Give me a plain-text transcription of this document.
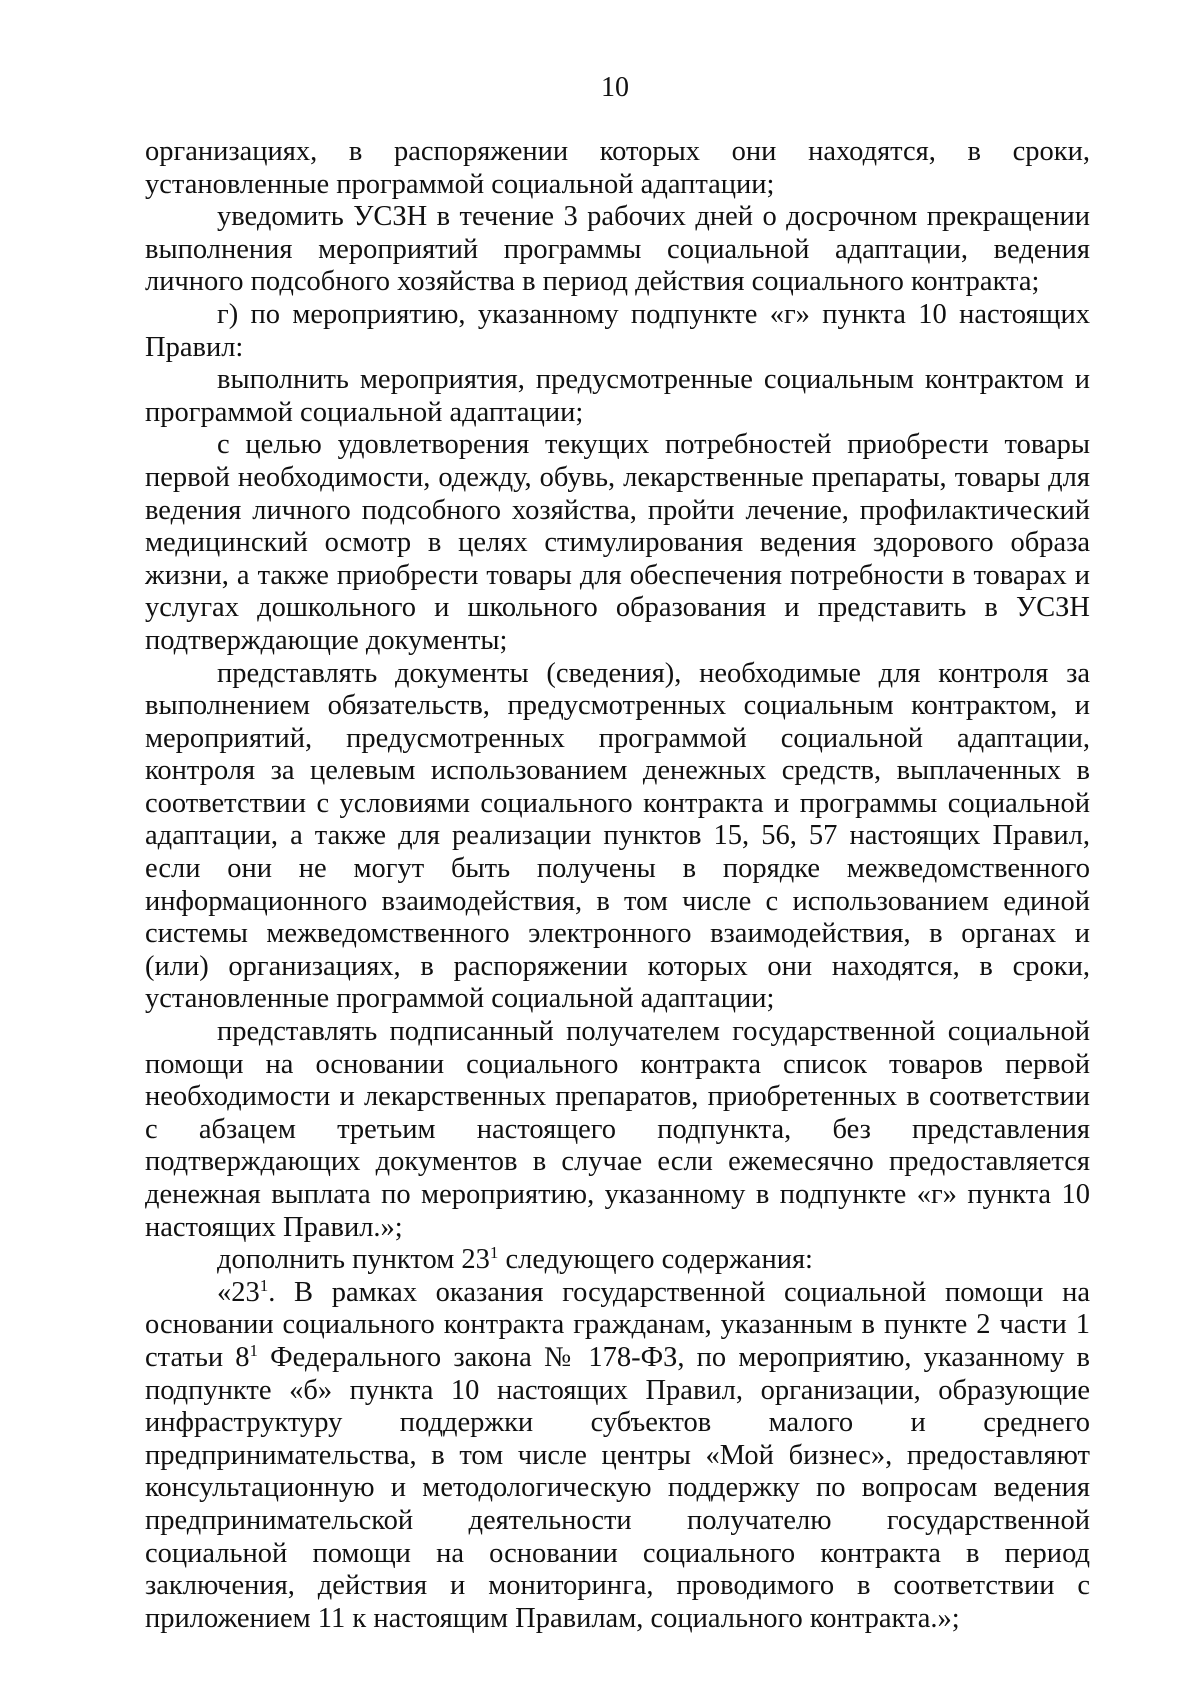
10

организациях, в распоряжении которых они находятся, в сроки, установленные программой социальной адаптации;

уведомить УСЗН в течение 3 рабочих дней о досрочном прекращении выполнения мероприятий программы социальной адаптации, ведения личного подсобного хозяйства в период действия социального контракта;

г) по мероприятию, указанному подпункте «г» пункта 10 настоящих Правил:

выполнить мероприятия, предусмотренные социальным контрактом и программой социальной адаптации;

с целью удовлетворения текущих потребностей приобрести товары первой необходимости, одежду, обувь, лекарственные препараты, товары для ведения личного подсобного хозяйства, пройти лечение, профилактический медицинский осмотр в целях стимулирования ведения здорового образа жизни, а также приобрести товары для обеспечения потребности в товарах и услугах дошкольного и школьного образования и представить в УСЗН подтверждающие документы;

представлять документы (сведения), необходимые для контроля за выполнением обязательств, предусмотренных социальным контрактом, и мероприятий, предусмотренных программой социальной адаптации, контроля за целевым использованием денежных средств, выплаченных в соответствии с условиями социального контракта и программы социальной адаптации, а также для реализации пунктов 15, 56, 57 настоящих Правил, если они не могут быть получены в порядке межведомственного информационного взаимодействия, в том числе с использованием единой системы межведомственного электронного взаимодействия, в органах и (или) организациях, в распоряжении которых они находятся, в сроки, установленные программой социальной адаптации;

представлять подписанный получателем государственной социальной помощи на основании социального контракта список товаров первой необходимости и лекарственных препаратов, приобретенных в соответствии с абзацем третьим настоящего подпункта, без представления подтверждающих документов в случае если ежемесячно предоставляется денежная выплата по мероприятию, указанному в подпункте «г» пункта 10 настоящих Правил.»;

дополнить пунктом $23^1$ следующего содержания:

«$23^1$. В рамках оказания государственной социальной помощи на основании социального контракта гражданам, указанным в пункте 2 части 1 статьи $8^1$ Федерального закона № 178-ФЗ, по мероприятию, указанному в подпункте «б» пункта 10 настоящих Правил, организации, образующие инфраструктуру поддержки субъектов малого и среднего предпринимательства, в том числе центры «Мой бизнес», предоставляют консультационную и методологическую поддержку по вопросам ведения предпринимательской деятельности получателю государственной социальной помощи на основании социального контракта в период заключения, действия и мониторинга, проводимого в соответствии с приложением 11 к настоящим Правилам, социального контракта.»;
